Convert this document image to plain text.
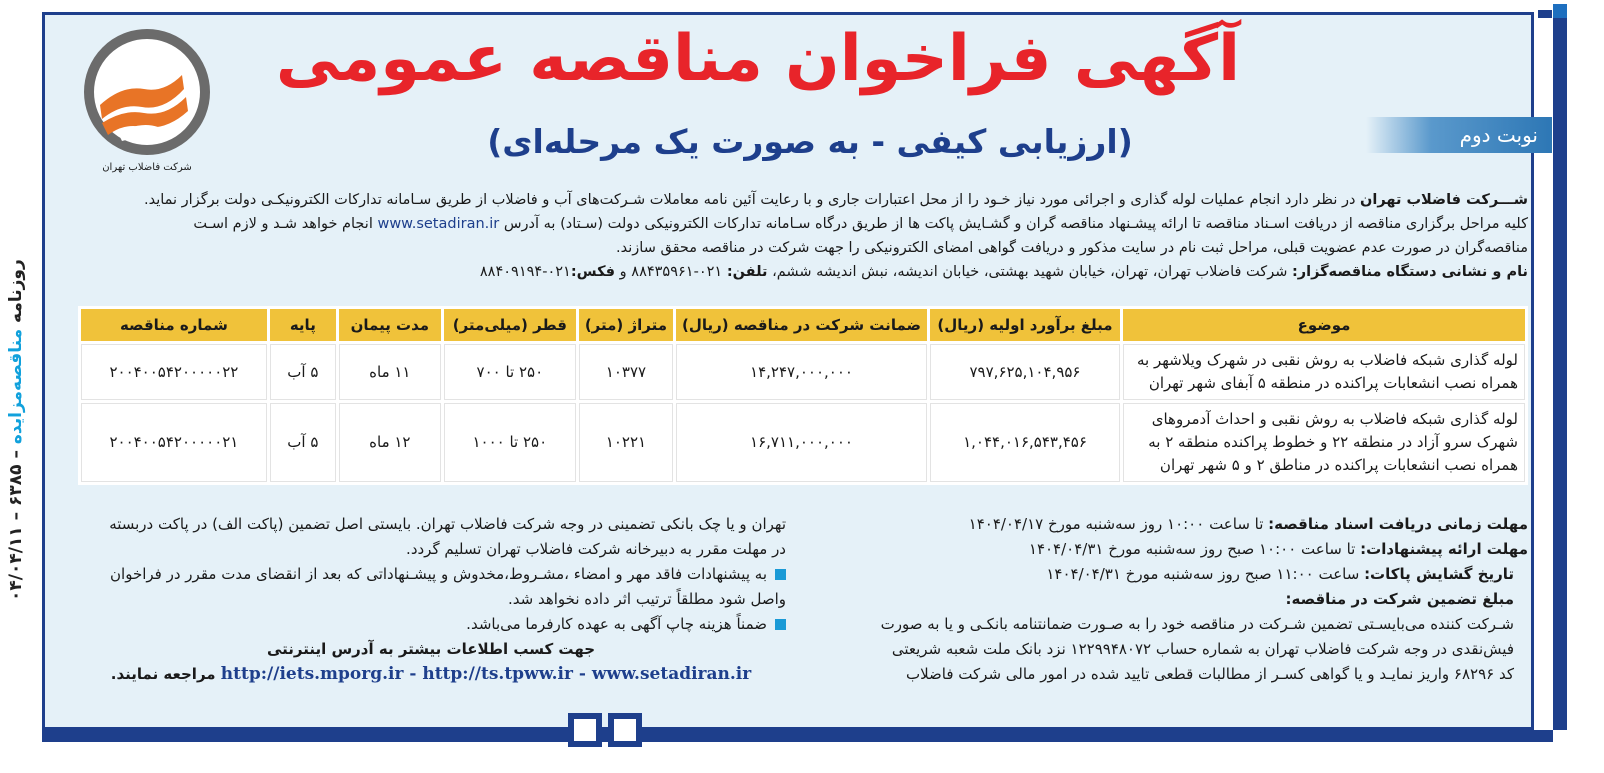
روزنامه مناقصه‌مزایده – ۶۳۸۵ – ۰۴/۰۴/۱۱
شرکت فاضلاب تهران
آگهی فراخوان مناقصه عمومی
(ارزیابی کیفی - به صورت یک مرحله‌ای)	نوبت دوم

شـــرکت فاضلاب تهران در نظر دارد انجام عملیات لوله گذاری و اجرائی مورد نیاز خـود را از محل اعتبارات جاری و با رعایت آئین نامه معاملات شـرکت‌های آب و فاضلاب از طریق سـامانه تدارکات الکترونیکـی دولت برگزار نماید.

کلیه مراحل برگزاری مناقصه از دریافت اسـناد مناقصه تا ارائه پیشـنهاد مناقصه گران و گشـایش پاکت ها از طریق درگاه سـامانه تدارکات الکترونیکی دولت (سـتاد) به آدرس www.setadiran.ir انجام خواهد شـد و لازم اسـت

مناقصه‌گران در صورت عدم عضویت قبلی، مراحل ثبت نام در سایت مذکور و دریافت گواهی امضای الکترونیکی را جهت شرکت در مناقصه محقق سازند.

نام و نشانی دستگاه مناقصه‌گزار: شرکت فاضلاب تهران، تهران، خیابان شهید بهشتی، خیابان اندیشه، نبش اندیشه ششم، تلفن: ۰۲۱-۸۸۴۳۵۹۶۱ و فکس:۰۲۱-۸۸۴۰۹۱۹۴

موضوع	مبلغ برآورد اولیه (ریال)	ضمانت شرکت در مناقصه (ریال)	متراژ (متر)	قطر (میلی‌متر)	مدت پیمان	پایه	شماره مناقصه
لوله گذاری شبکه فاضلاب به روش نقبی در شهرک ویلاشهر به همراه نصب انشعابات پراکنده در منطقه ۵ آبفای شهر تهران	۷۹۷,۶۲۵,۱۰۴,۹۵۶	۱۴,۲۴۷,۰۰۰,۰۰۰	۱۰۳۷۷	۲۵۰ تا ۷۰۰	۱۱ ماه	۵ آب	۲۰۰۴۰۰۵۴۲۰۰۰۰۰۲۲
لوله گذاری شبکه فاضلاب به روش نقبی و احداث آدمروهای شهرک سرو آزاد در منطقه ۲۲ و خطوط پراکنده منطقه ۲ به همراه نصب انشعابات پراکنده در مناطق ۲ و ۵ شهر تهران	۱,۰۴۴,۰۱۶,۵۴۳,۴۵۶	۱۶,۷۱۱,۰۰۰,۰۰۰	۱۰۲۲۱	۲۵۰ تا ۱۰۰۰	۱۲ ماه	۵ آب	۲۰۰۴۰۰۵۴۲۰۰۰۰۰۲۱

مهلت زمانی دریافت اسناد مناقصه: تا ساعت ۱۰:۰۰ روز سه‌شنبه مورخ ۱۴۰۴/۰۴/۱۷

مهلت ارائه پیشنهادات: تا ساعت ۱۰:۰۰ صبح روز سه‌شنبه مورخ ۱۴۰۴/۰۴/۳۱

تاریخ گشایش پاکات: ساعت ۱۱:۰۰ صبح روز سه‌شنبه مورخ ۱۴۰۴/۰۴/۳۱

مبلغ تضمین شرکت در مناقصه:

شـرکت کننده می‌بایسـتی تضمین شـرکت در مناقصه خود را به صـورت ضمانتنامه بانکـی و یا به صورت

فیش‌نقدی در وجه شرکت فاضلاب تهران به شماره حساب ۱۲۲۹۹۴۸۰۷۲ نزد بانک ملت شعبه شریعتی

کد ۶۸۲۹۶ واریز نمایـد و یا گواهی کسـر از مطالبات قطعی تایید شده در امور مالی شرکت فاضلاب

تهران و یا چک بانکی تضمینی در وجه شرکت فاضلاب تهران. بایستی اصل تضمین (پاکت الف) در پاکت دربسته

در مهلت مقرر به دبیرخانه شرکت فاضلاب تهران تسلیم گردد.

به پیشنهادات فاقد مهر و امضاء ،مشـروط،مخدوش و پیشـنهاداتی که بعد از انقضای مدت مقرر در فراخوان

واصل شود مطلقاً ترتیب اثر داده نخواهد شد.

ضمناً هزینه چاپ آگهی به عهده کارفرما می‌باشد.

جهت کسب اطلاعات بیشتر به آدرس اینترنتی

http://iets.mporg.ir - http://ts.tpww.ir - www.setadiran.ir مراجعه نمایند.
